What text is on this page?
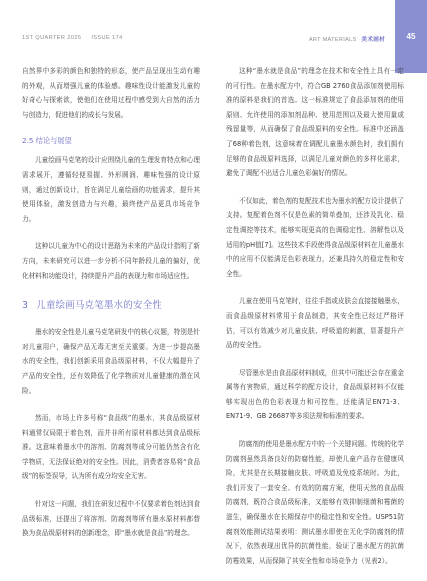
1ST QUARTER 2025 ISSUE 174	ART MATERIALS 美术画材	45

自然界中多彩的颜色和独特的形态，使产品呈现出生动有趣的外观，从而增强儿童的体验感。趣味性设计能激发儿童的好奇心与探索欲，使他们在使用过程中感受到大自然的活力与创造力，促进他们的成长与发展。

2.5 结论与展望

儿童绘画马克笔的设计应围绕儿童的生理发育特点和心理需求展开，遵循轻便易握、外形圆润、趣味性强的设计原则，通过创新设计，旨在满足儿童绘画的功能需求，提升其使用体验，激发创造力与兴趣，最终使产品更具市场竞争力。

这种以儿童为中心的设计思路为未来的产品设计指明了新方向，未来研究可以进一步分析不同年龄段儿童的偏好，优化材料和功能设计，持续提升产品的表现力和市场适应性。

3 儿童绘画马克笔墨水的安全性

墨水的安全性是儿童马克笔研发中的核心议题，特别是针对儿童用户，确保产品无毒无害至关重要。为进一步提高墨水的安全性，我们创新采用食品级原材料，不仅大幅提升了产品的安全性，还有效降低了化学物质对儿童健康的潜在风险。

然而，市场上许多号称“食品级”的墨水，其食品级原材料通常仅局限于着色剂，而并非所有原材料都达到食品级标准。这意味着墨水中的溶剂、防腐剂等成分可能仍然含有化学物质，无法保证绝对的安全性。因此，消费者容易将“食品级”的标签误导，认为所有成分均安全无害。

针对这一问题，我们在研发过程中不仅要求着色剂达到食品级标准，还提出了将溶剂、防腐剂等所有墨水原材料都替换为食品级原材料的创新理念，即“墨水就是食品”的理念。

这种“墨水就是食品”的理念在技术和安全性上具有一定的可行性。在墨水配方中，符合GB 2760食品添加剂使用标准的原料是我们的首选。这一标准规定了食品添加剂的使用原则、允许使用的添加剂品种、使用范围以及最大使用量或残留量等，从而确保了食品级原料的安全性。标准中还涵盖了68种着色剂，这意味着在调配儿童墨水颜色时，我们拥有足够的食品级原料选择，以满足儿童对颜色的多样化需求，避免了调配不出适合儿童色彩偏好的情况。

不仅如此，着色剂的复配技术也为墨水的配方设计提供了支持。复配着色剂不仅是色素的简单叠加，还涉及乳化、稳定性调控等技术，能够实现更高的色调稳定性、溶解性以及适用的pH值[7]。这些技术手段使得食品级原材料在儿童墨水中的应用不仅能满足色彩表现力，还兼具持久的稳定性和安全性。

儿童在使用马克笔时，往往手指或皮肤会直接接触墨水，而食品级原材料常用于食品制造，其安全性已经过严格评估，可以有效减少对儿童皮肤、呼吸道的刺激，显著提升产品的安全性。

尽管墨水是由食品原材料制成，但其中可能还会存在重金属等有害物质，通过科学的配方设计，食品级原材料不仅能够实现出色的色彩表现力和可控性，还能满足EN71-3、EN71-9、GB 26687等多项法规和标准的要求。

防腐剂的使用是墨水配方中的一个关键问题。传统的化学防腐剂虽然具备良好的防腐性能，却使儿童产品存在健康风险，尤其是在长期接触皮肤、呼吸道及免疫系统时。为此，我们开发了一套安全、有效的防腐方案，使用天然的食品级防腐剂，既符合食品级标准，又能够有效抑制细菌和霉菌的滋生，确保墨水在长期保存中的稳定性和安全性。USP51防腐剂效能测试结果表明：测试墨水即使在无化学防腐剂的情况下，依然表现出优异的抗菌性能，验证了墨水配方的抗菌防霉效果，从而保障了其安全性和市场竞争力（见表2）。
